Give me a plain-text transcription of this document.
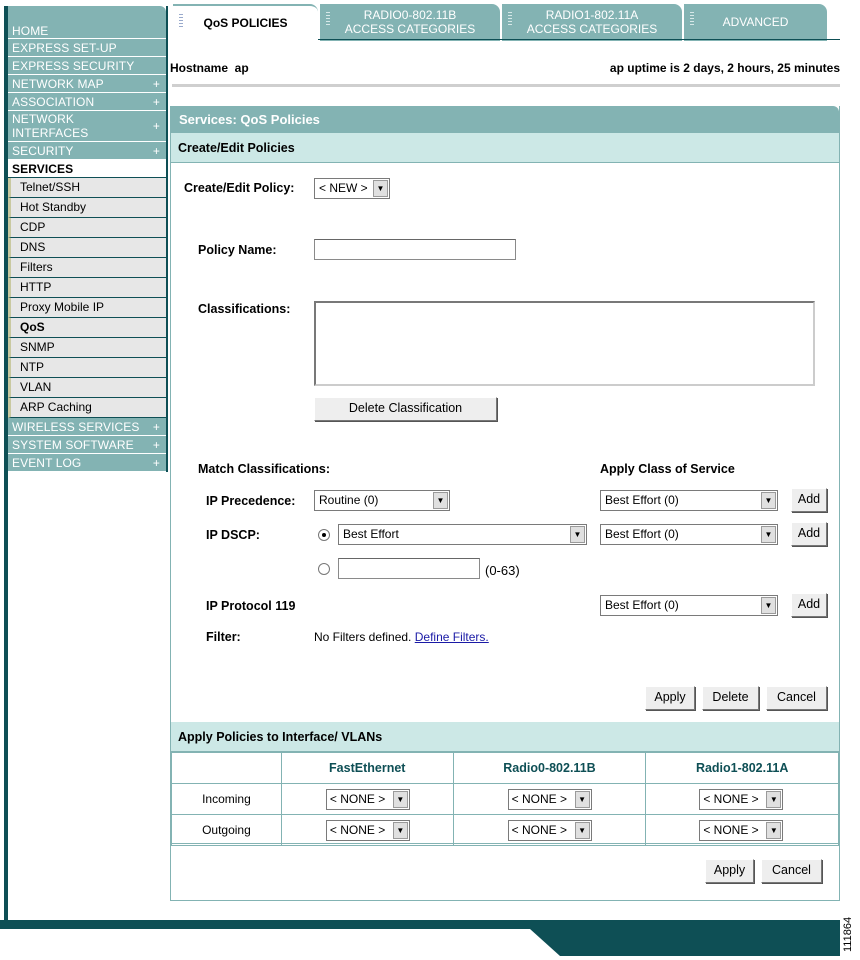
HOME
EXPRESS SET-UP
EXPRESS SECURITY
NETWORK MAP	+
ASSOCIATION	+
NETWORK
INTERFACES	+
SECURITY	+
SERVICES
Telnet/SSH
Hot Standby
CDP
DNS
Filters
HTTP
Proxy Mobile IP
QoS
SNMP
NTP
VLAN
ARP Caching
WIRELESS SERVICES +
SYSTEM SOFTWARE +
EVENT LOG	+
QoS POLICIES
RADIO0-802.11B
ACCESS CATEGORIES
RADIO1-802.11A
ACCESS CATEGORIES	ADVANCED
Hostname  ap	ap uptime is 2 days, 2 hours, 25 minutes
Services: QoS Policies
Create/Edit Policies
Create/Edit Policy:	< NEW >	▼
Policy Name:
Classifications:
Delete Classification
Match Classifications:	Apply Class of Service
IP Precedence:	Routine (0)	▼	Best Effort (0)	▼	Add
IP DSCP:	Best Effort	▼	Best Effort (0)	▼	Add
(0-63)
IP Protocol 119	Best Effort (0)	▼	Add
Filter:	No Filters defined. Define Filters.
Apply	Delete	Cancel
Apply Policies to Interface/ VLANs
	FastEthernet	Radio0-802.11B	Radio1-802.11A
Incoming	< NONE > ▼	< NONE > ▼	< NONE > ▼

Outgoing	< NONE > ▼	< NONE > ▼	< NONE > ▼
Apply	Cancel
111864
